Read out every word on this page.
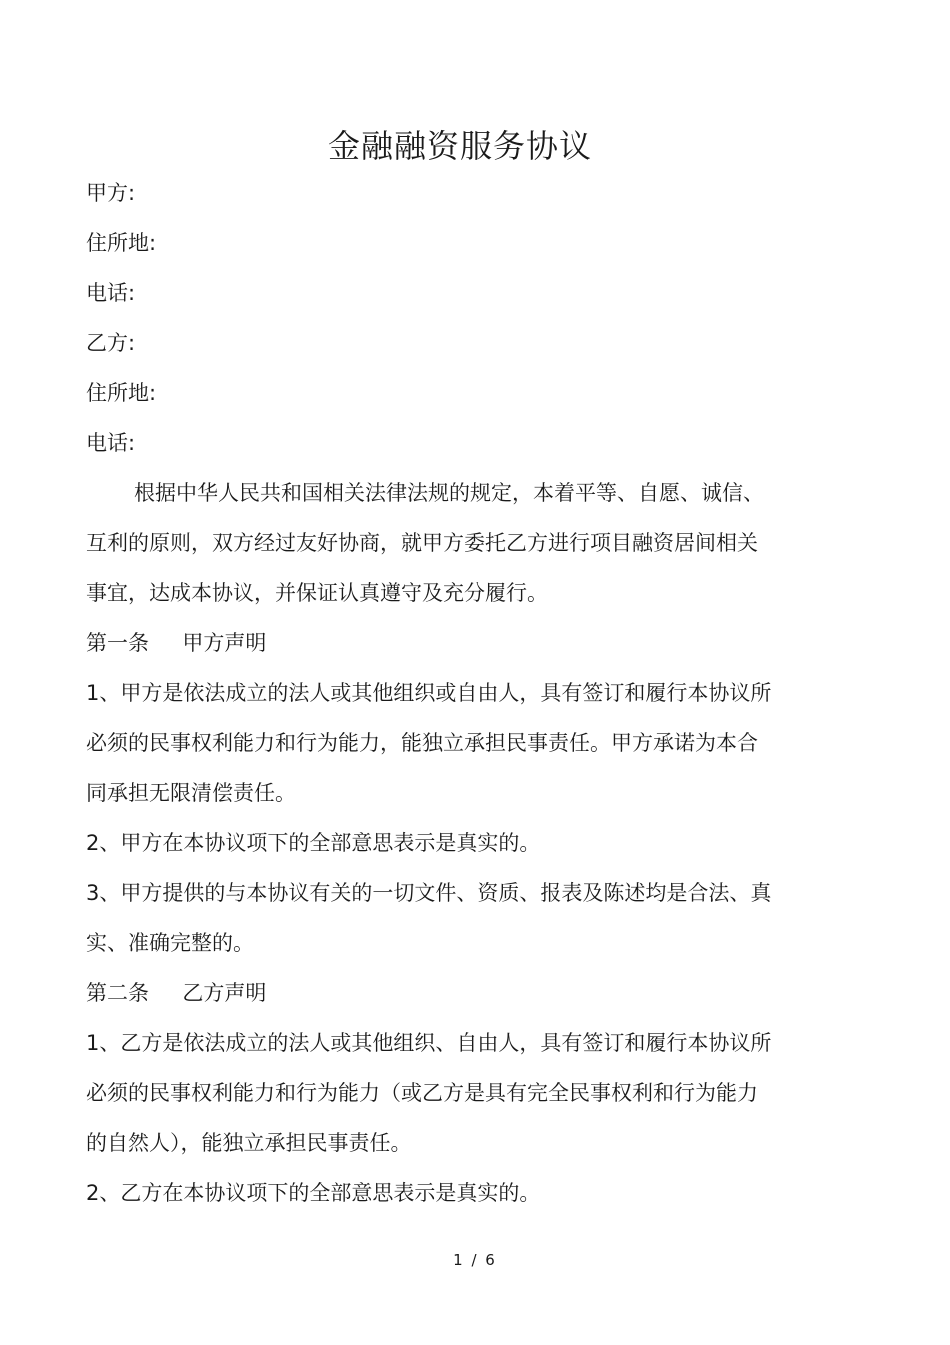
金融融资服务协议
甲方:
住所地:
电话:
乙方:
住所地:
电话:
根据中华人民共和国相关法律法规的规定，本着平等、自愿、诚信、
互利的原则，双方经过友好协商，就甲方委托乙方进行项目融资居间相关
事宜，达成本协议，并保证认真遵守及充分履行。
第一条     甲方声明
1、甲方是依法成立的法人或其他组织或自由人，具有签订和履行本协议所
必须的民事权利能力和行为能力，能独立承担民事责任。甲方承诺为本合
同承担无限清偿责任。
2、甲方在本协议项下的全部意思表示是真实的。
3、甲方提供的与本协议有关的一切文件、资质、报表及陈述均是合法、真
实、准确完整的。
第二条     乙方声明
1、乙方是依法成立的法人或其他组织、自由人，具有签订和履行本协议所
必须的民事权利能力和行为能力（或乙方是具有完全民事权利和行为能力
的自然人），能独立承担民事责任。
2、乙方在本协议项下的全部意思表示是真实的。
1 / 6
